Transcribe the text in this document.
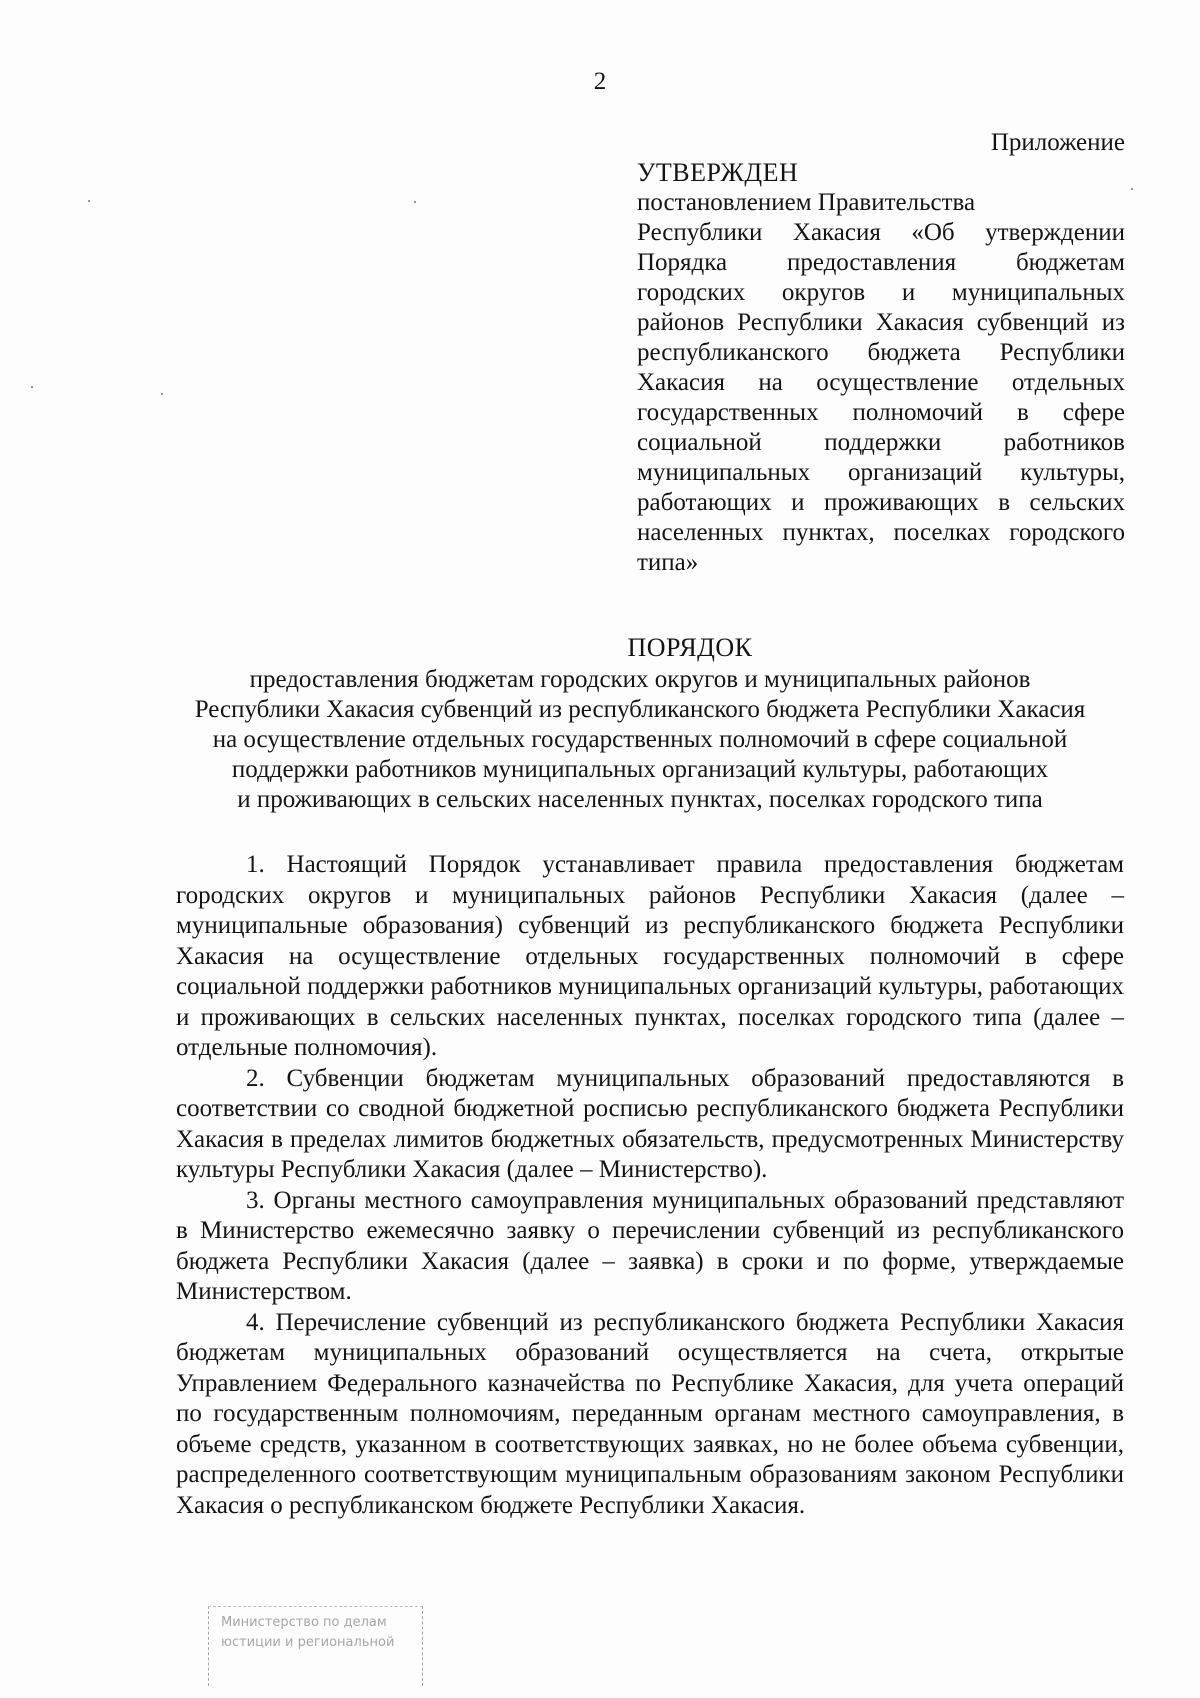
2
Приложение
УТВЕРЖДЕН
постановлением Правительства
Республики Хакасия «Об утверждении Порядка предоставления бюджетам городских округов и муниципальных районов Республики Хакасия субвенций из республиканского бюджета Республики Хакасия на осуществление отдельных государственных полномочий в сфере социальной поддержки работников муниципальных организаций культуры, работающих и проживающих в сельских населенных пунктах, поселках городского типа»
ПОРЯДОК
предоставления бюджетам городских округов и муниципальных районов
Республики Хакасия субвенций из республиканского бюджета Республики Хакасия
на осуществление отдельных государственных полномочий в сфере социальной
поддержки работников муниципальных организаций культуры, работающих
и проживающих в сельских населенных пунктах, поселках городского типа

1. Настоящий Порядок устанавливает правила предоставления бюджетам городских округов и муниципальных районов Республики Хакасия (далее – муниципальные образования) субвенций из республиканского бюджета Республики Хакасия на осуществление отдельных государственных полномочий в сфере социальной поддержки работников муниципальных организаций культуры, работающих и проживающих в сельских населенных пунктах, поселках городского типа (далее – отдельные полномочия).

2. Субвенции бюджетам муниципальных образований предоставляются в соответствии со сводной бюджетной росписью республиканского бюджета Республики Хакасия в пределах лимитов бюджетных обязательств, предусмотренных Министерству культуры Республики Хакасия (далее – Министерство).

3. Органы местного самоуправления муниципальных образований представляют в Министерство ежемесячно заявку о перечислении субвенций из республиканского бюджета Республики Хакасия (далее – заявка) в сроки и по форме, утверждаемые Министерством.

4. Перечисление субвенций из республиканского бюджета Республики Хакасия бюджетам муниципальных образований осуществляется на счета, открытые Управлением Федерального казначейства по Республике Хакасия, для учета операций по государственным полномочиям, переданным органам местного самоуправления, в объеме средств, указанном в соответствующих заявках, но не более объема субвенции, распределенного соответствующим муниципальным образованиям законом Республики Хакасия о республиканском бюджете Республики Хакасия.

Министерство по делам
юстиции и региональной
